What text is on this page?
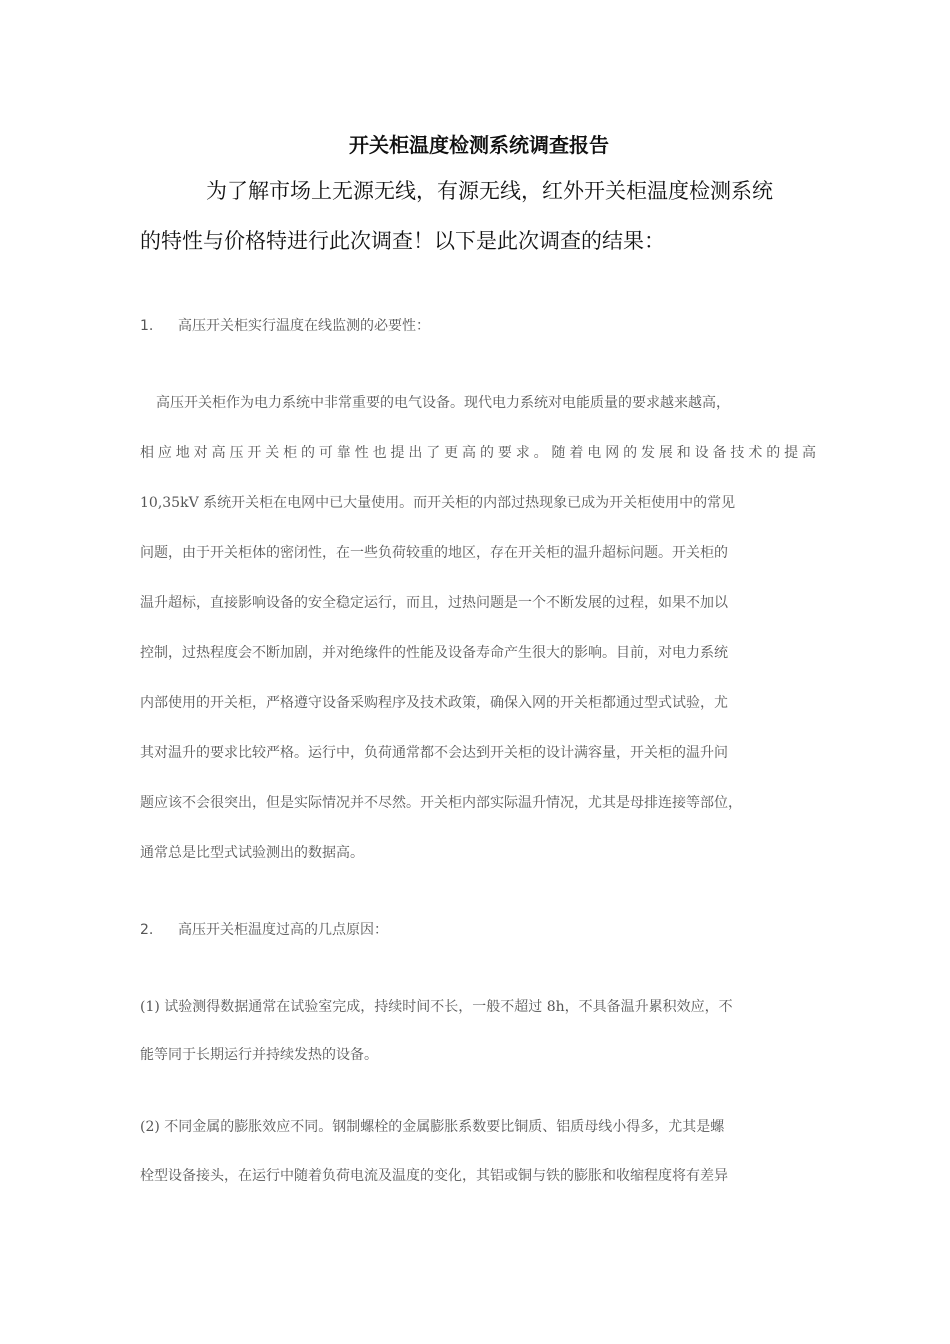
开关柜温度检测系统调查报告
为了解市场上无源无线，有源无线，红外开关柜温度检测系统
的特性与价格特进行此次调查！以下是此次调查的结果：
1. 高压开关柜实行温度在线监测的必要性：
高压开关柜作为电力系统中非常重要的电气设备。现代电力系统对电能质量的要求越来越高，
相应地对高压开关柜的可靠性也提出了更高的要求。随着电网的发展和设备技术的提高
10,35kV 系统开关柜在电网中已大量使用。而开关柜的内部过热现象已成为开关柜使用中的常见
问题，由于开关柜体的密闭性，在一些负荷较重的地区，存在开关柜的温升超标问题。开关柜的
温升超标，直接影响设备的安全稳定运行，而且，过热问题是一个不断发展的过程，如果不加以
控制，过热程度会不断加剧，并对绝缘件的性能及设备寿命产生很大的影响。目前，对电力系统
内部使用的开关柜，严格遵守设备采购程序及技术政策，确保入网的开关柜都通过型式试验，尤
其对温升的要求比较严格。运行中，负荷通常都不会达到开关柜的设计满容量，开关柜的温升问
题应该不会很突出，但是实际情况并不尽然。开关柜内部实际温升情况，尤其是母排连接等部位，
通常总是比型式试验测出的数据高。
2. 高压开关柜温度过高的几点原因：
(1) 试验测得数据通常在试验室完成，持续时间不长，一般不超过 8h，不具备温升累积效应，不
能等同于长期运行并持续发热的设备。
(2) 不同金属的膨胀效应不同。钢制螺栓的金属膨胀系数要比铜质、铝质母线小得多，尤其是螺
栓型设备接头，在运行中随着负荷电流及温度的变化，其铝或铜与铁的膨胀和收缩程度将有差异
